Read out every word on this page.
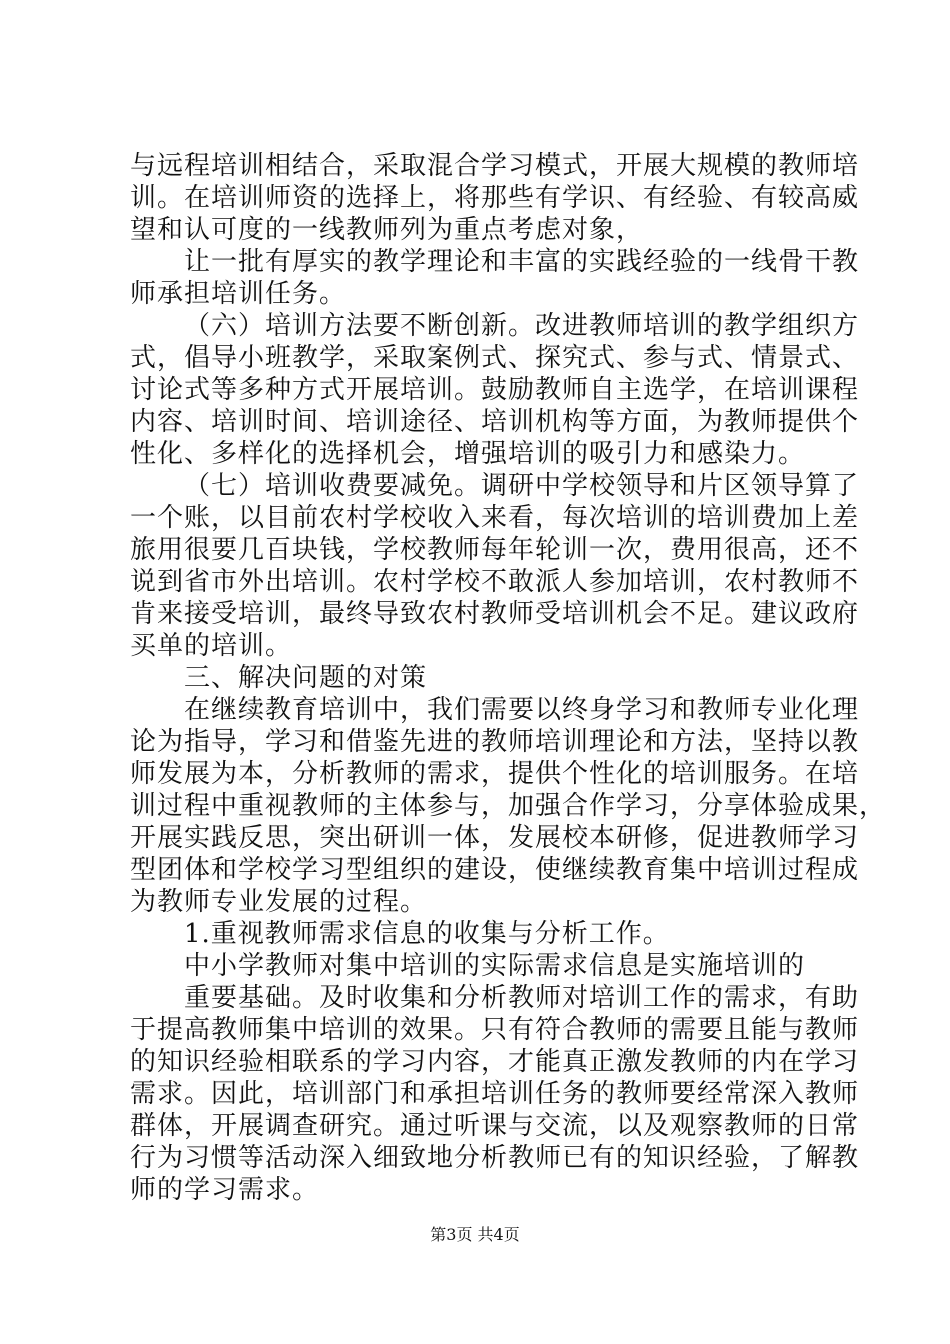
与远程培训相结合，采取混合学习模式，开展大规模的教师培
训。在培训师资的选择上，将那些有学识、有经验、有较高威
望和认可度的一线教师列为重点考虑对象，
让一批有厚实的教学理论和丰富的实践经验的一线骨干教
师承担培训任务。
（六）培训方法要不断创新。改进教师培训的教学组织方
式，倡导小班教学，采取案例式、探究式、参与式、情景式、
讨论式等多种方式开展培训。鼓励教师自主选学，在培训课程
内容、培训时间、培训途径、培训机构等方面，为教师提供个
性化、多样化的选择机会，增强培训的吸引力和感染力。
（七）培训收费要减免。调研中学校领导和片区领导算了
一个账，以目前农村学校收入来看，每次培训的培训费加上差
旅用很要几百块钱，学校教师每年轮训一次，费用很高，还不
说到省市外出培训。农村学校不敢派人参加培训，农村教师不
肯来接受培训，最终导致农村教师受培训机会不足。建议政府
买单的培训。
三、解决问题的对策
在继续教育培训中，我们需要以终身学习和教师专业化理
论为指导，学习和借鉴先进的教师培训理论和方法，坚持以教
师发展为本，分析教师的需求，提供个性化的培训服务。在培
训过程中重视教师的主体参与，加强合作学习，分享体验成果，
开展实践反思，突出研训一体，发展校本研修，促进教师学习
型团体和学校学习型组织的建设，使继续教育集中培训过程成
为教师专业发展的过程。
1.重视教师需求信息的收集与分析工作。
中小学教师对集中培训的实际需求信息是实施培训的
重要基础。及时收集和分析教师对培训工作的需求，有助
于提高教师集中培训的效果。只有符合教师的需要且能与教师
的知识经验相联系的学习内容，才能真正激发教师的内在学习
需求。因此，培训部门和承担培训任务的教师要经常深入教师
群体，开展调查研究。通过听课与交流，以及观察教师的日常
行为习惯等活动深入细致地分析教师已有的知识经验，了解教
师的学习需求。
第3页 共4页
